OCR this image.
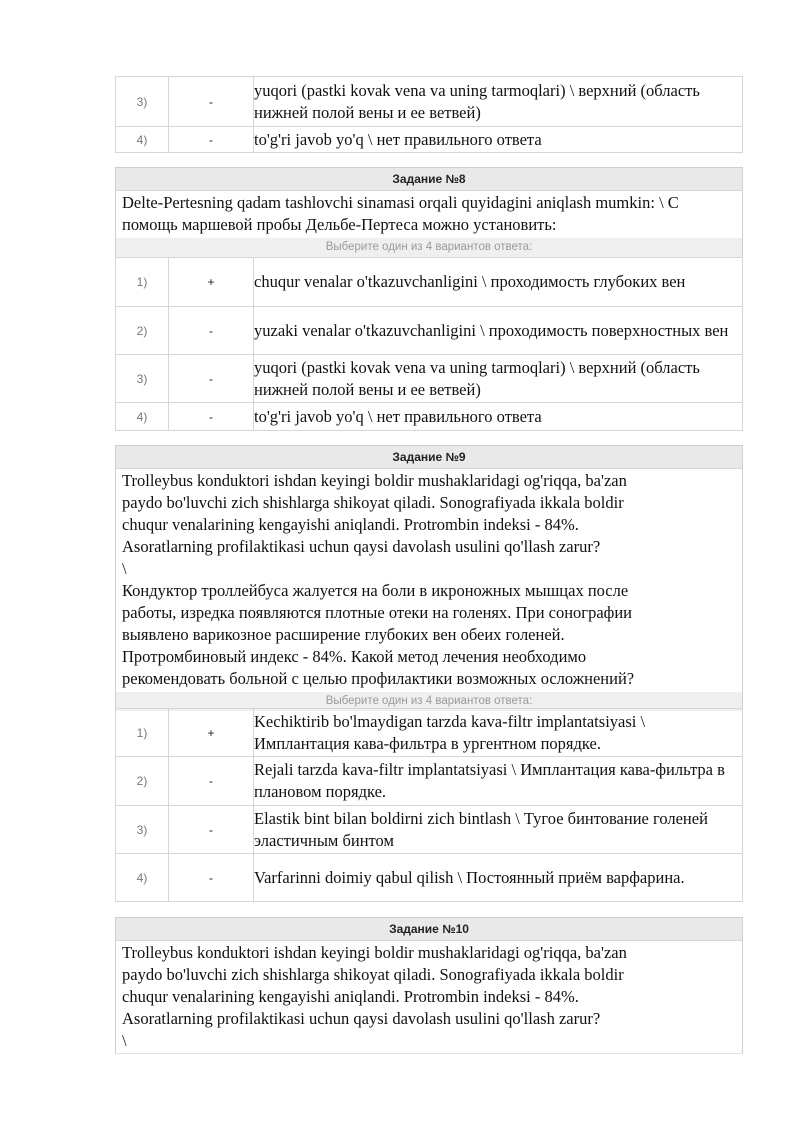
3)	-	yuqori (pastki kovak vena va uning tarmoqlari) \ верхний (область нижней полой вены и ее ветвей)
4)	-	to'g'ri javob yo'q \ нет правильного ответа
Задание №8
Delte-Pertesning qadam tashlovchi sinamasi orqali quyidagini aniqlash mumkin: \ С помощь маршевой пробы Дельбе-Пертеса можно установить:
Выберите один из 4 вариантов ответа:
1)	+	chuqur venalar o'tkazuvchanligini \ проходимость глубоких вен
2)	-	yuzaki venalar o'tkazuvchanligini \ проходимость поверхностных вен
3)	-	yuqori (pastki kovak vena va uning tarmoqlari) \ верхний (область нижней полой вены и ее ветвей)
4)	-	to'g'ri javob yo'q \ нет правильного ответа
Задание №9
Trolleybus konduktori ishdan keyingi boldir mushaklaridagi og'riqqa, ba'zan
paydo bo'luvchi zich shishlarga shikoyat qiladi. Sonografiyada ikkala boldir
chuqur venalarining kengayishi aniqlandi. Protrombin indeksi - 84%.
Asoratlarning profilaktikasi uchun qaysi davolash usulini qo'llash zarur?
\
Кондуктор троллейбуса жалуется на боли в икроножных мышцах после
работы, изредка появляются плотные отеки на голенях. При сонографии
выявлено варикозное расширение глубоких вен обеих голеней.
Протромбиновый индекс - 84%. Какой метод лечения необходимо
рекомендовать больной с целью профилактики возможных осложнений?
Выберите один из 4 вариантов ответа:
1)	+	Kechiktirib bo'lmaydigan tarzda kava-filtr implantatsiyasi \ Имплантация кава-фильтра в ургентном порядке.
2)	-	Rejali tarzda kava-filtr implantatsiyasi \ Имплантация кава-фильтра в плановом порядке.
3)	-	Elastik bint bilan boldirni zich bintlash \ Тугое бинтование голеней эластичным бинтом
4)	-	Varfarinni doimiy qabul qilish \ Постоянный приём варфарина.
Задание №10
Trolleybus konduktori ishdan keyingi boldir mushaklaridagi og'riqqa, ba'zan
paydo bo'luvchi zich shishlarga shikoyat qiladi. Sonografiyada ikkala boldir
chuqur venalarining kengayishi aniqlandi. Protrombin indeksi - 84%.
Asoratlarning profilaktikasi uchun qaysi davolash usulini qo'llash zarur?
\
